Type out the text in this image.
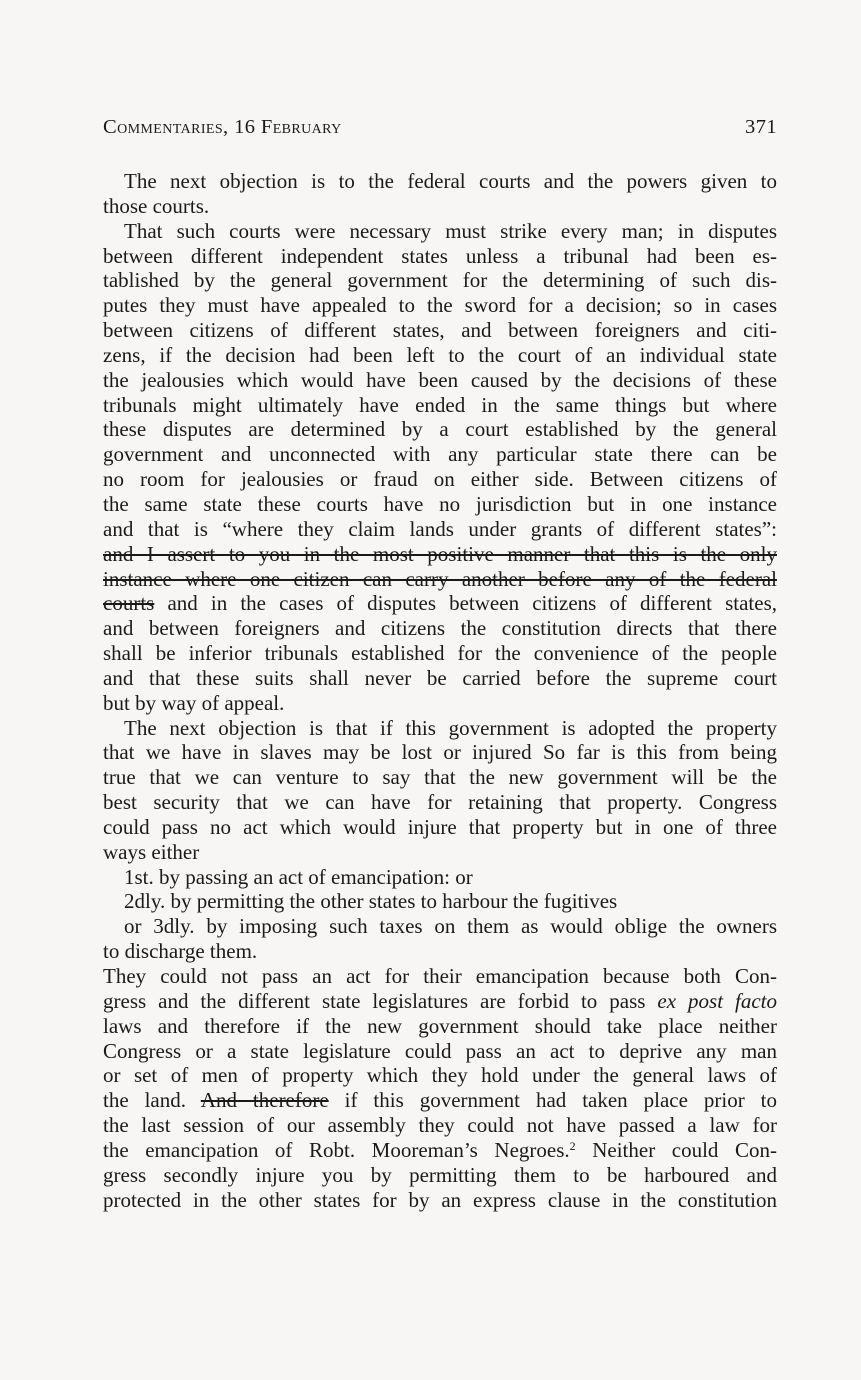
Commentaries, 16 February	371
The next objection is to the federal courts and the powers given to
those courts.
That such courts were necessary must strike every man; in disputes
between different independent states unless a tribunal had been es-
tablished by the general government for the determining of such dis-
putes they must have appealed to the sword for a decision; so in cases
between citizens of different states, and between foreigners and citi-
zens, if the decision had been left to the court of an individual state
the jealousies which would have been caused by the decisions of these
tribunals might ultimately have ended in the same things but where
these disputes are determined by a court established by the general
government and unconnected with any particular state there can be
no room for jealousies or fraud on either side. Between citizens of
the same state these courts have no jurisdiction but in one instance
and that is “where they claim lands under grants of different states”:
and I assert to you in the most positive manner that this is the only
instance where one citizen can carry another before any of the federal
courts and in the cases of disputes between citizens of different states,
and between foreigners and citizens the constitution directs that there
shall be inferior tribunals established for the convenience of the people
and that these suits shall never be carried before the supreme court
but by way of appeal.
The next objection is that if this government is adopted the property
that we have in slaves may be lost or injured So far is this from being
true that we can venture to say that the new government will be the
best security that we can have for retaining that property. Congress
could pass no act which would injure that property but in one of three
ways either
1st. by passing an act of emancipation: or
2dly. by permitting the other states to harbour the fugitives
or 3dly. by imposing such taxes on them as would oblige the owners
to discharge them.
They could not pass an act for their emancipation because both Con-
gress and the different state legislatures are forbid to pass ex post facto
laws and therefore if the new government should take place neither
Congress or a state legislature could pass an act to deprive any man
or set of men of property which they hold under the general laws of
the land. And therefore if this government had taken place prior to
the last session of our assembly they could not have passed a law for
the emancipation of Robt. Mooreman’s Negroes.$^2$ Neither could Con-
gress secondly injure you by permitting them to be harboured and
protected in the other states for by an express clause in the constitution
